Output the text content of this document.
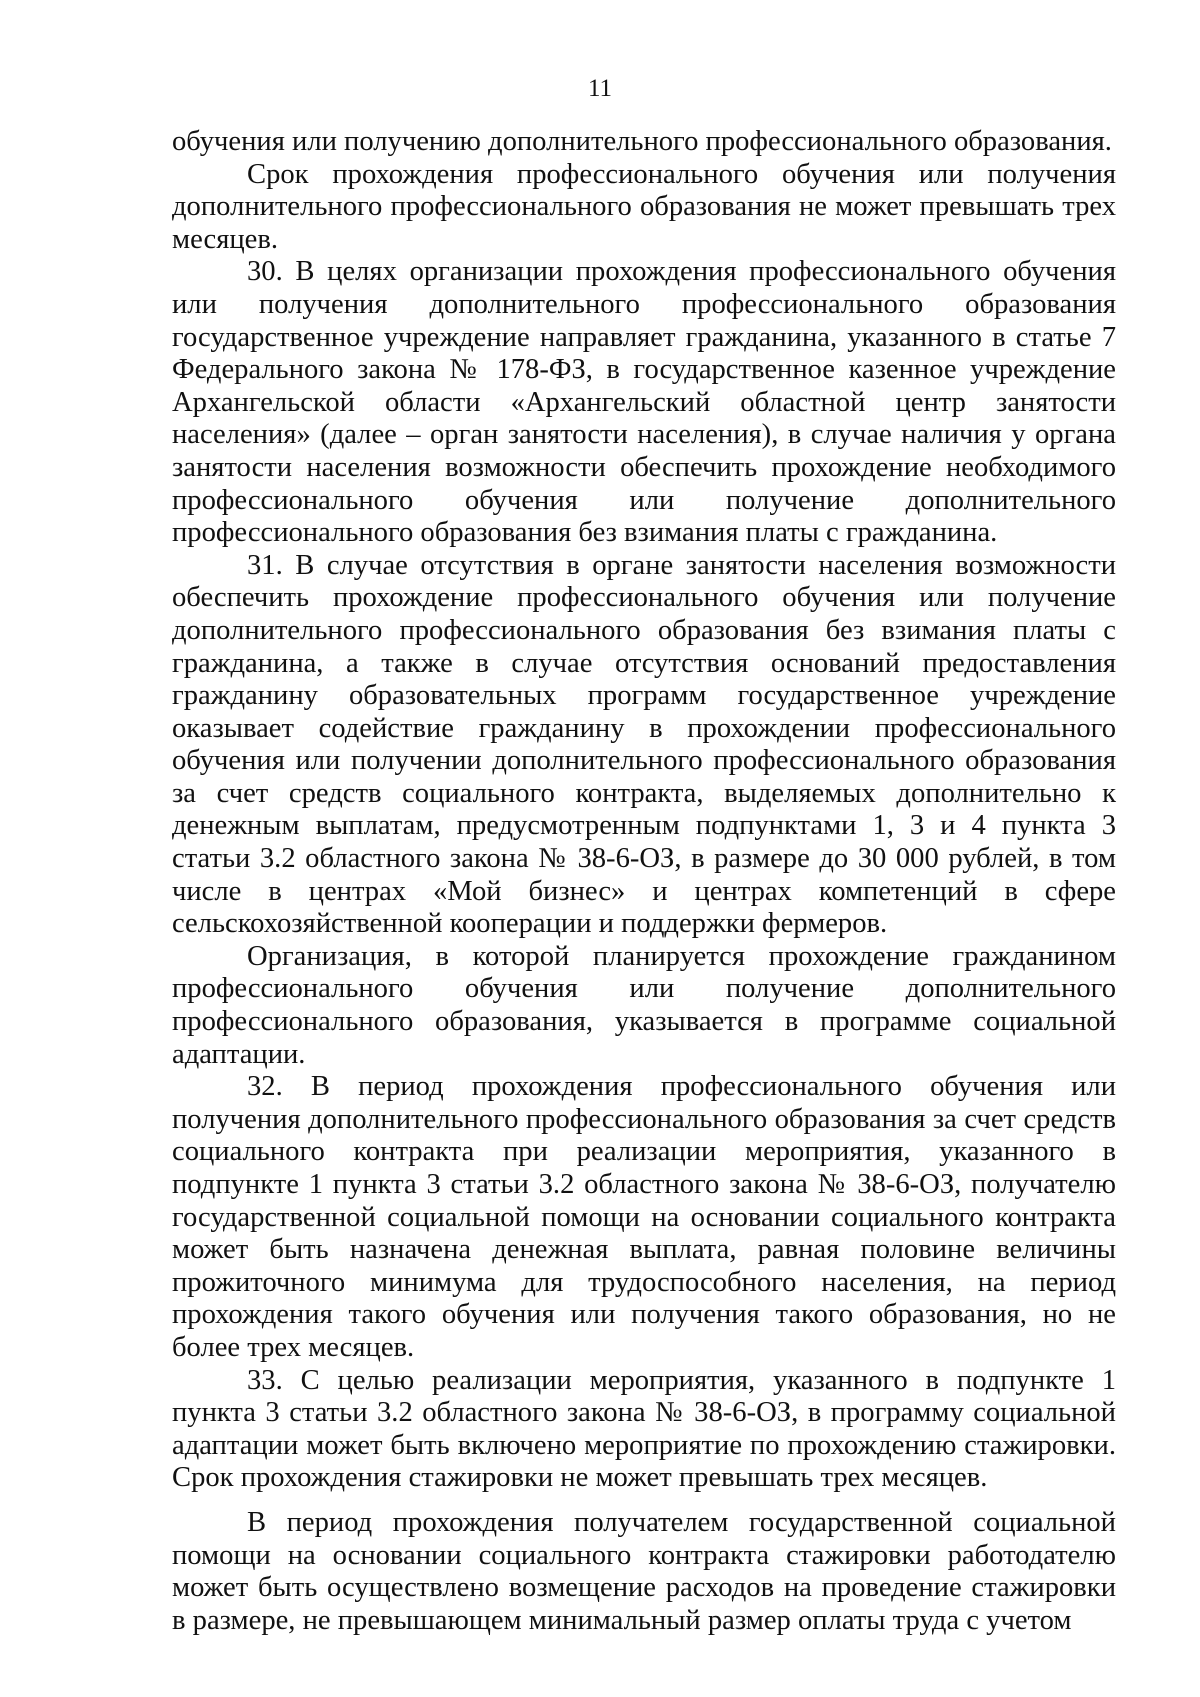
11

обучения или получению дополнительного профессионального образования.

Срок прохождения профессионального обучения или получения дополнительного профессионального образования не может превышать трех месяцев.

30. В целях организации прохождения профессионального обучения или получения дополнительного профессионального образования государственное учреждение направляет гражданина, указанного в статье 7 Федерального закона № 178-ФЗ, в государственное казенное учреждение Архангельской области «Архангельский областной центр занятости населения» (далее – орган занятости населения), в случае наличия у органа занятости населения возможности обеспечить прохождение необходимого профессионального обучения или получение дополнительного профессионального образования без взимания платы с гражданина.

31. В случае отсутствия в органе занятости населения возможности обеспечить прохождение профессионального обучения или получение дополнительного профессионального образования без взимания платы с гражданина, а также в случае отсутствия оснований предоставления гражданину образовательных программ государственное учреждение оказывает содействие гражданину в прохождении профессионального обучения или получении дополнительного профессионального образования за счет средств социального контракта, выделяемых дополнительно к денежным выплатам, предусмотренным подпунктами 1, 3 и 4 пункта 3 статьи 3.2 областного закона № 38-6-ОЗ, в размере до 30 000 рублей, в том числе в центрах «Мой бизнес» и центрах компетенций в сфере сельскохозяйственной кооперации и поддержки фермеров.

Организация, в которой планируется прохождение гражданином профессионального обучения или получение дополнительного профессионального образования, указывается в программе социальной адаптации.

32. В период прохождения профессионального обучения или получения дополнительного профессионального образования за счет средств социального контракта при реализации мероприятия, указанного в подпункте 1 пункта 3 статьи 3.2 областного закона № 38-6-ОЗ, получателю государственной социальной помощи на основании социального контракта может быть назначена денежная выплата, равная половине величины прожиточного минимума для трудоспособного населения, на период прохождения такого обучения или получения такого образования, но не более трех месяцев.

33. С целью реализации мероприятия, указанного в подпункте 1 пункта 3 статьи 3.2 областного закона № 38-6-ОЗ, в программу социальной адаптации может быть включено мероприятие по прохождению стажировки. Срок прохождения стажировки не может превышать трех месяцев.

В период прохождения получателем государственной социальной помощи на основании социального контракта стажировки работодателю может быть осуществлено возмещение расходов на проведение стажировки в размере, не превышающем минимальный размер оплаты труда с учетом
